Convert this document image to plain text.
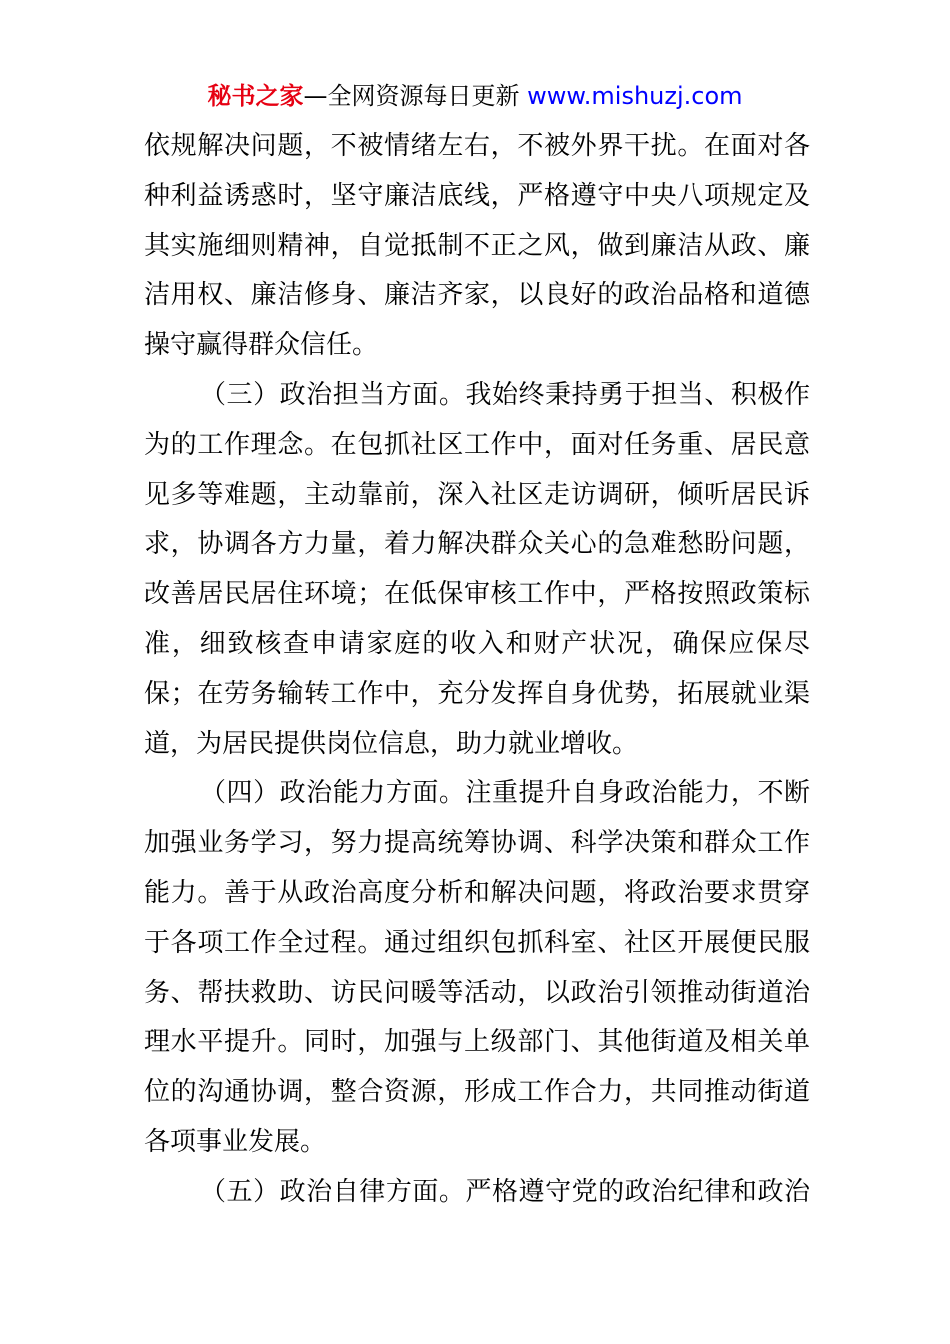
秘书之家—全网资源每日更新 www.mishuzj.com
依规解决问题，不被情绪左右，不被外界干扰。在面对各
种利益诱惑时，坚守廉洁底线，严格遵守中央八项规定及
其实施细则精神，自觉抵制不正之风，做到廉洁从政、廉
洁用权、廉洁修身、廉洁齐家，以良好的政治品格和道德
操守赢得群众信任。
（三）政治担当方面。我始终秉持勇于担当、积极作
为的工作理念。在包抓社区工作中，面对任务重、居民意
见多等难题，主动靠前，深入社区走访调研，倾听居民诉
求，协调各方力量，着力解决群众关心的急难愁盼问题，
改善居民居住环境；在低保审核工作中，严格按照政策标
准，细致核查申请家庭的收入和财产状况，确保应保尽
保；在劳务输转工作中，充分发挥自身优势，拓展就业渠
道，为居民提供岗位信息，助力就业增收。
（四）政治能力方面。注重提升自身政治能力，不断
加强业务学习，努力提高统筹协调、科学决策和群众工作
能力。善于从政治高度分析和解决问题，将政治要求贯穿
于各项工作全过程。通过组织包抓科室、社区开展便民服
务、帮扶救助、访民问暖等活动，以政治引领推动街道治
理水平提升。同时，加强与上级部门、其他街道及相关单
位的沟通协调，整合资源，形成工作合力，共同推动街道
各项事业发展。
（五）政治自律方面。严格遵守党的政治纪律和政治
